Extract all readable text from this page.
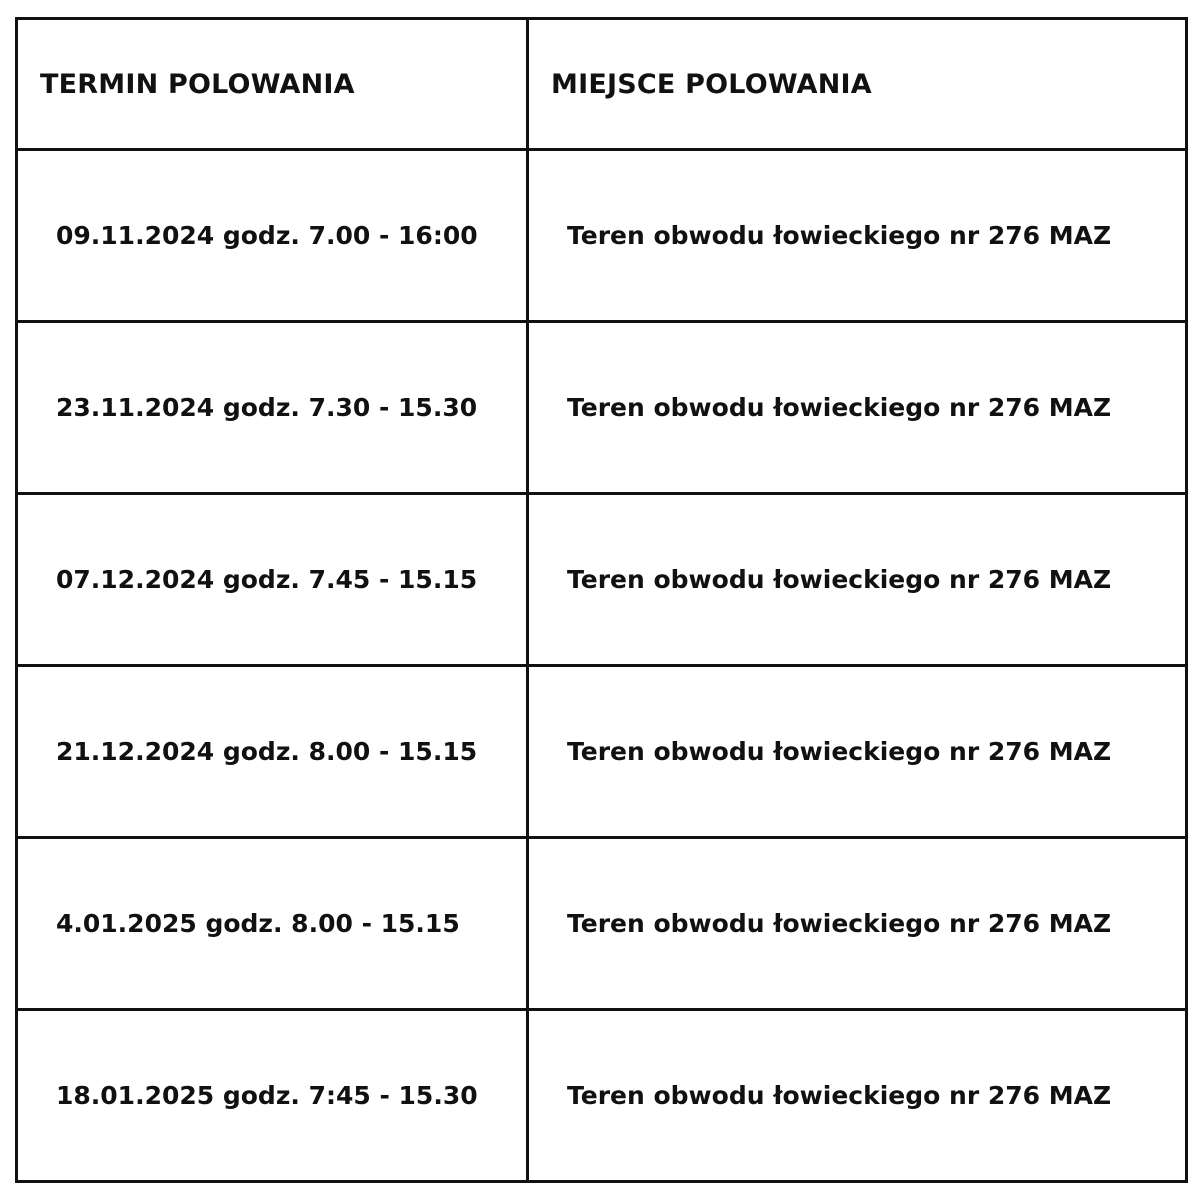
TERMIN POLOWANIA	MIEJSCE POLOWANIA

09.11.2024 godz. 7.00 - 16:00	Teren obwodu łowieckiego nr 276 MAZ

23.11.2024 godz. 7.30 - 15.30	Teren obwodu łowieckiego nr 276 MAZ

07.12.2024 godz. 7.45 - 15.15	Teren obwodu łowieckiego nr 276 MAZ

21.12.2024 godz. 8.00 - 15.15	Teren obwodu łowieckiego nr 276 MAZ

4.01.2025 godz. 8.00 - 15.15	Teren obwodu łowieckiego nr 276 MAZ

18.01.2025 godz. 7:45 - 15.30	Teren obwodu łowieckiego nr 276 MAZ
